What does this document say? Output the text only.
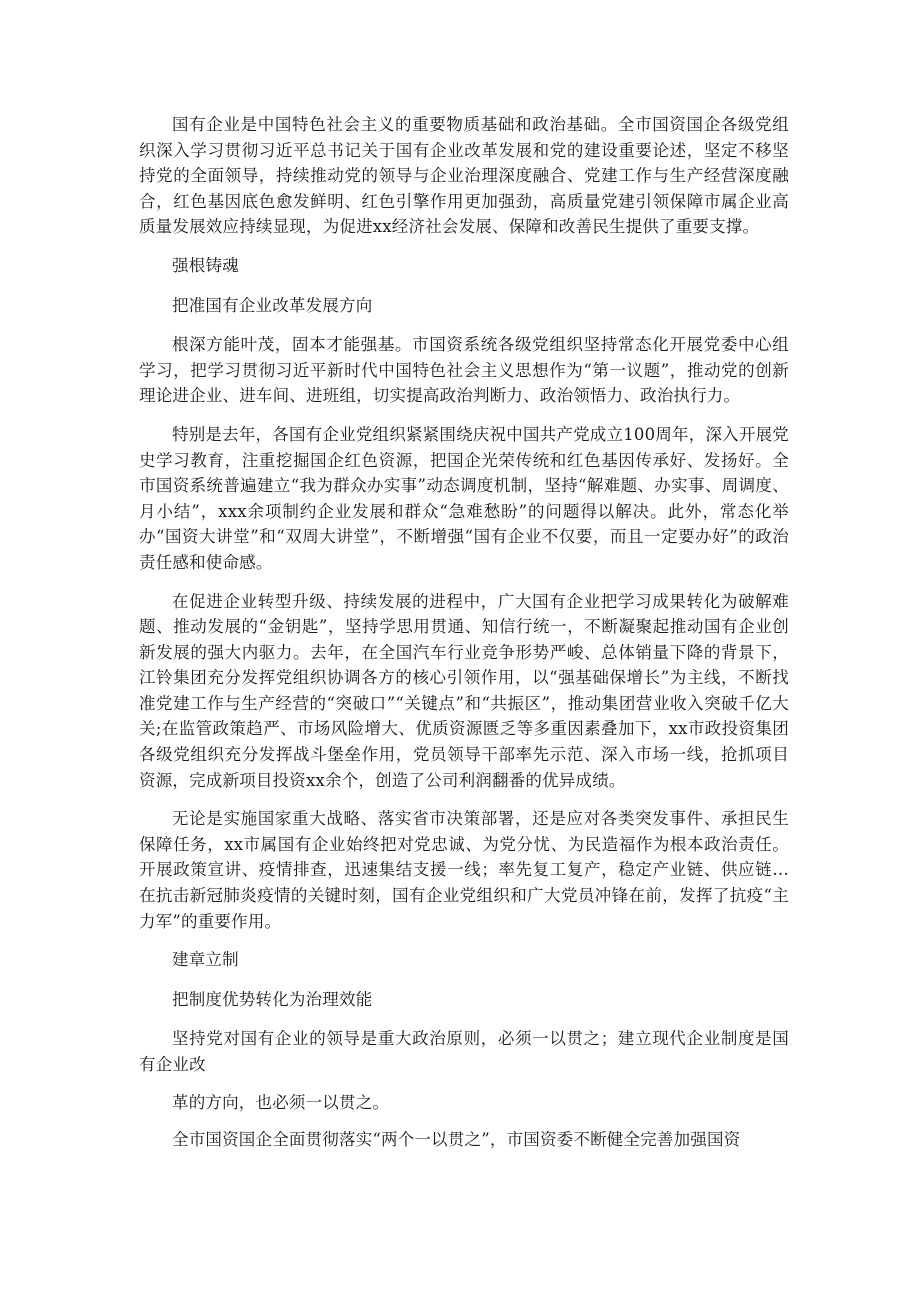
国有企业是中国特色社会主义的重要物质基础和政治基础。全市国资国企各级党组织深入学习贯彻习近平总书记关于国有企业改革发展和党的建设重要论述，坚定不移坚持党的全面领导，持续推动党的领导与企业治理深度融合、党建工作与生产经营深度融合，红色基因底色愈发鲜明、红色引擎作用更加强劲，高质量党建引领保障市属企业高质量发展效应持续显现，为促进xx经济社会发展、保障和改善民生提供了重要支撑。

强根铸魂

把准国有企业改革发展方向

根深方能叶茂，固本才能强基。市国资系统各级党组织坚持常态化开展党委中心组学习，把学习贯彻习近平新时代中国特色社会主义思想作为“第一议题”，推动党的创新理论进企业、进车间、进班组，切实提高政治判断力、政治领悟力、政治执行力。

特别是去年，各国有企业党组织紧紧围绕庆祝中国共产党成立100周年，深入开展党史学习教育，注重挖掘国企红色资源，把国企光荣传统和红色基因传承好、发扬好。全市国资系统普遍建立“我为群众办实事”动态调度机制，坚持“解难题、办实事、周调度、月小结”，xxx余项制约企业发展和群众“急难愁盼”的问题得以解决。此外，常态化举办“国资大讲堂”和“双周大讲堂”，不断增强“国有企业不仅要，而且一定要办好”的政治责任感和使命感。

在促进企业转型升级、持续发展的进程中，广大国有企业把学习成果转化为破解难题、推动发展的“金钥匙”，坚持学思用贯通、知信行统一，不断凝聚起推动国有企业创新发展的强大内驱力。去年，在全国汽车行业竞争形势严峻、总体销量下降的背景下，江铃集团充分发挥党组织协调各方的核心引领作用，以“强基础保增长”为主线，不断找准党建工作与生产经营的“突破口”“关键点”和“共振区”，推动集团营业收入突破千亿大关;在监管政策趋严、市场风险增大、优质资源匮乏等多重因素叠加下，xx市政投资集团各级党组织充分发挥战斗堡垒作用，党员领导干部率先示范、深入市场一线，抢抓项目资源，完成新项目投资xx余个，创造了公司利润翻番的优异成绩。

无论是实施国家重大战略、落实省市决策部署，还是应对各类突发事件、承担民生保障任务，xx市属国有企业始终把对党忠诚、为党分忧、为民造福作为根本政治责任。开展政策宣讲、疫情排查，迅速集结支援一线；率先复工复产，稳定产业链、供应链…在抗击新冠肺炎疫情的关键时刻，国有企业党组织和广大党员冲锋在前，发挥了抗疫“主力军”的重要作用。

建章立制

把制度优势转化为治理效能

坚持党对国有企业的领导是重大政治原则，必须一以贯之；建立现代企业制度是国有企业改

革的方向，也必须一以贯之。

全市国资国企全面贯彻落实“两个一以贯之”，市国资委不断健全完善加强国资
